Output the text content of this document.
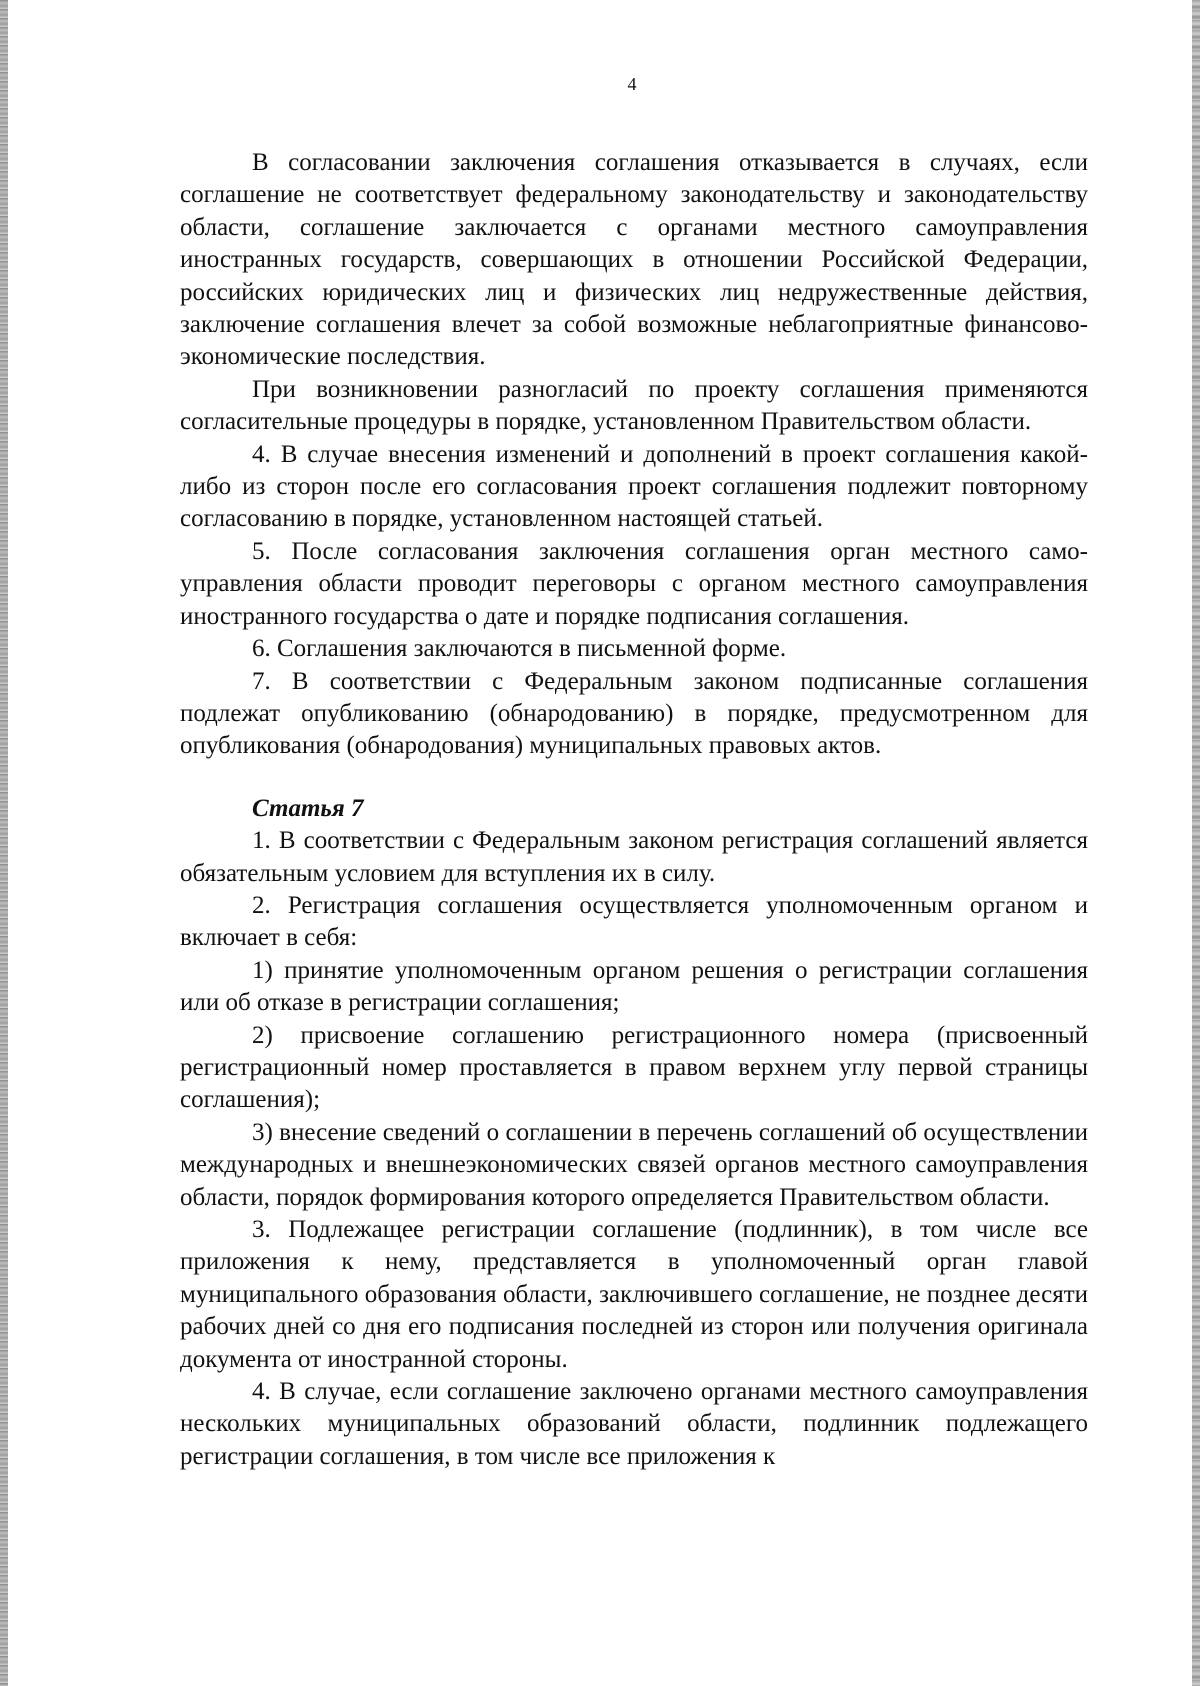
4

В согласовании заключения соглашения отказывается в случаях, если соглашение не соответствует федеральному законодательству и законодательству области, соглашение заключается с органами местного самоуправления иностранных государств, совершающих в отношении Российской Федерации, российских юридических лиц и физических лиц недружественные действия, заключение соглашения влечет за собой возможные неблагоприятные финансово-экономические последствия.

При возникновении разногласий по проекту соглашения применяются согласительные процедуры в порядке, установленном Правительством области.

4. В случае внесения изменений и дополнений в проект соглашения какой-либо из сторон после его согласования проект соглашения подлежит повторному согласованию в порядке, установленном настоящей статьей.

5. После согласования заключения соглашения орган местного самоуправления области проводит переговоры с органом местного самоуправления иностранного государства о дате и порядке подписания соглашения.

6. Соглашения заключаются в письменной форме.

7. В соответствии с Федеральным законом подписанные соглашения подлежат опубликованию (обнародованию) в порядке, предусмотренном для опубликования (обнародования) муниципальных правовых актов.

Статья 7

1. В соответствии с Федеральным законом регистрация соглашений является обязательным условием для вступления их в силу.

2. Регистрация соглашения осуществляется уполномоченным органом и включает в себя:

1) принятие уполномоченным органом решения о регистрации соглашения или об отказе в регистрации соглашения;

2) присвоение соглашению регистрационного номера (присвоенный регистрационный номер проставляется в правом верхнем углу первой страницы соглашения);

3) внесение сведений о соглашении в перечень соглашений об осуществлении международных и внешнеэкономических связей органов местного самоуправления области, порядок формирования которого определяется Правительством области.

3. Подлежащее регистрации соглашение (подлинник), в том числе все приложения к нему, представляется в уполномоченный орган главой муниципального образования области, заключившего соглашение, не позднее десяти рабочих дней со дня его подписания последней из сторон или получения оригинала документа от иностранной стороны.

4. В случае, если соглашение заключено органами местного самоуправления нескольких муниципальных образований области, подлинник подлежащего регистрации соглашения, в том числе все приложения к
